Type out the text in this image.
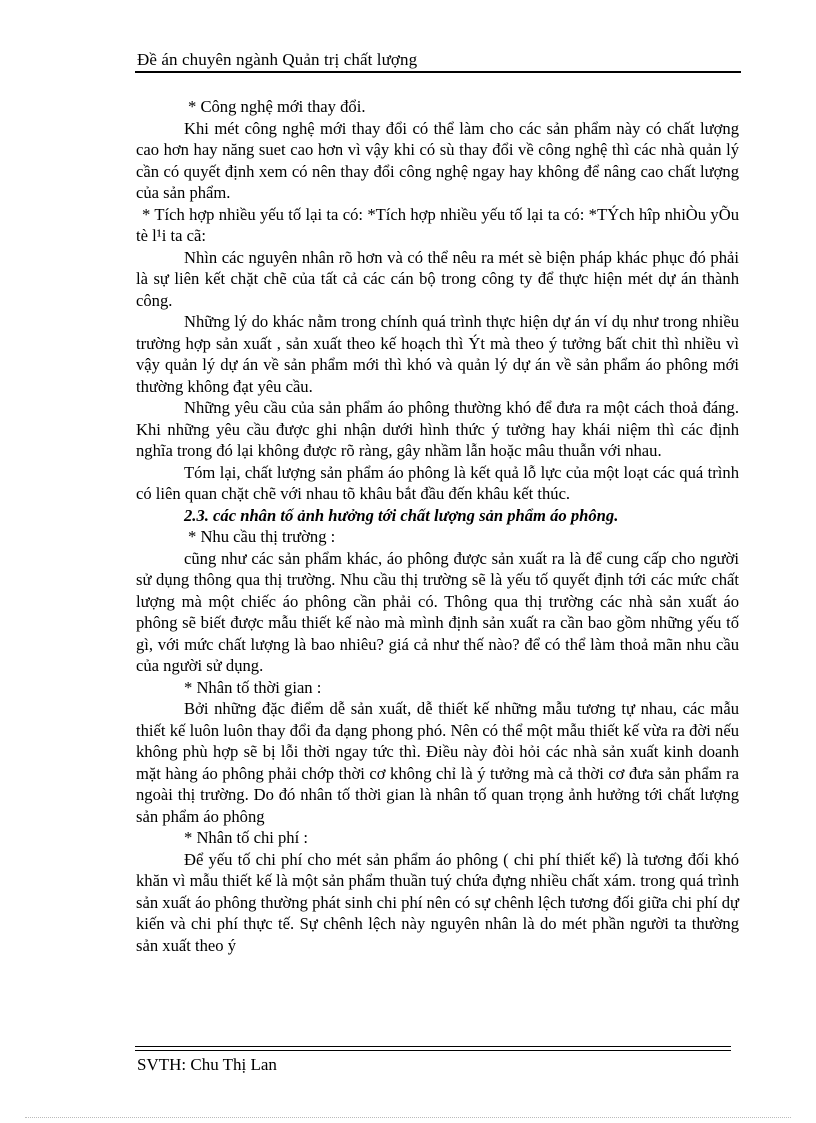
Đề án chuyên ngành Quản trị chất lượng

* Công nghệ mới thay đổi.

Khi mét công nghệ mới thay đổi có thể làm cho các sản phẩm này có chất lượng cao hơn hay năng suet cao hơn vì vậy khi có sù thay đổi về công nghệ thì các nhà quản lý cần có quyết định xem có nên thay đổi công nghệ ngay hay không để nâng cao chất lượng của sản phẩm.

* Tích hợp nhiều yếu tố lại ta có: *Tích hợp nhiều yếu tố lại ta có: *TÝch hîp nhiÒu yÕu tè l¹i ta cã:

Nhìn các nguyên nhân rõ hơn và có thể nêu ra mét sè biện pháp khác phục đó phải là sự liên kết chặt chẽ của tất cả các cán bộ trong công ty để thực hiện mét dự án thành công.

Những lý do khác nằm trong chính quá trình thực hiện dự án ví dụ như trong nhiều trường hợp sản xuất , sản xuất theo kế hoạch thì Ýt mà theo ý tưởng bất chit thì nhiều vì vậy quản lý dự án về sản phẩm mới thì khó và quản lý dự án về sản phẩm áo phông mới thường không đạt yêu cầu.

Những yêu cầu của sản phẩm áo phông thường khó để đưa ra một cách thoả đáng. Khi những yêu cầu được ghi nhận dưới hình thức ý tưởng hay khái niệm thì các định nghĩa trong đó lại không được rõ ràng, gây nhầm lẫn hoặc mâu thuẫn với nhau.

Tóm lại, chất lượng sản phẩm áo phông là kết quả lỗ lực của một loạt các quá trình có liên quan chặt chẽ với nhau tõ khâu bắt đầu đến khâu kết thúc.

2.3. các nhân tố ảnh hưởng tới chất lượng sản phẩm áo phông.

* Nhu cầu thị trường :

cũng như các sản phẩm khác, áo phông được sản xuất ra là để cung cấp cho người sử dụng thông qua thị trường. Nhu cầu thị trường sẽ là yếu tố quyết định tới các mức chất lượng mà một chiếc áo phông cần phải có. Thông qua thị trường các nhà sản xuất áo phông sẽ biết được mẫu thiết kế nào mà mình định sản xuất ra cần bao gồm những yếu tố gì, với mức chất lượng là bao nhiêu? giá cả như thế nào? để có thể làm thoả mãn nhu cầu của người sử dụng.

* Nhân tố thời gian :

Bởi những đặc điểm dễ sản xuất, dễ thiết kế những mẫu tương tự nhau, các mẫu thiết kế luôn luôn thay đổi đa dạng phong phó. Nên có thể một mẫu thiết kế vừa ra đời nếu không phù hợp sẽ bị lỗi thời ngay tức thì. Điều này đòi hỏi các nhà sản xuất kinh doanh mặt hàng áo phông phải chớp thời cơ không chỉ là ý tưởng mà cả thời cơ đưa sản phẩm ra ngoài thị trường. Do đó nhân tố thời gian là nhân tố quan trọng ảnh hưởng tới chất lượng sản phẩm áo phông

* Nhân tố chi phí :

Để yếu tố chi phí cho mét sản phẩm áo phông ( chi phí thiết kế) là tương đối khó khăn vì mẫu thiết kế là một sản phẩm thuần tuý chứa đựng nhiều chất xám. trong quá trình sản xuất áo phông thường phát sinh chi phí nên có sự chênh lệch tương đối giữa chi phí dự kiến và chi phí thực tế. Sự chênh lệch này nguyên nhân là do mét phần người ta thường sản xuất theo ý

SVTH: Chu Thị Lan
